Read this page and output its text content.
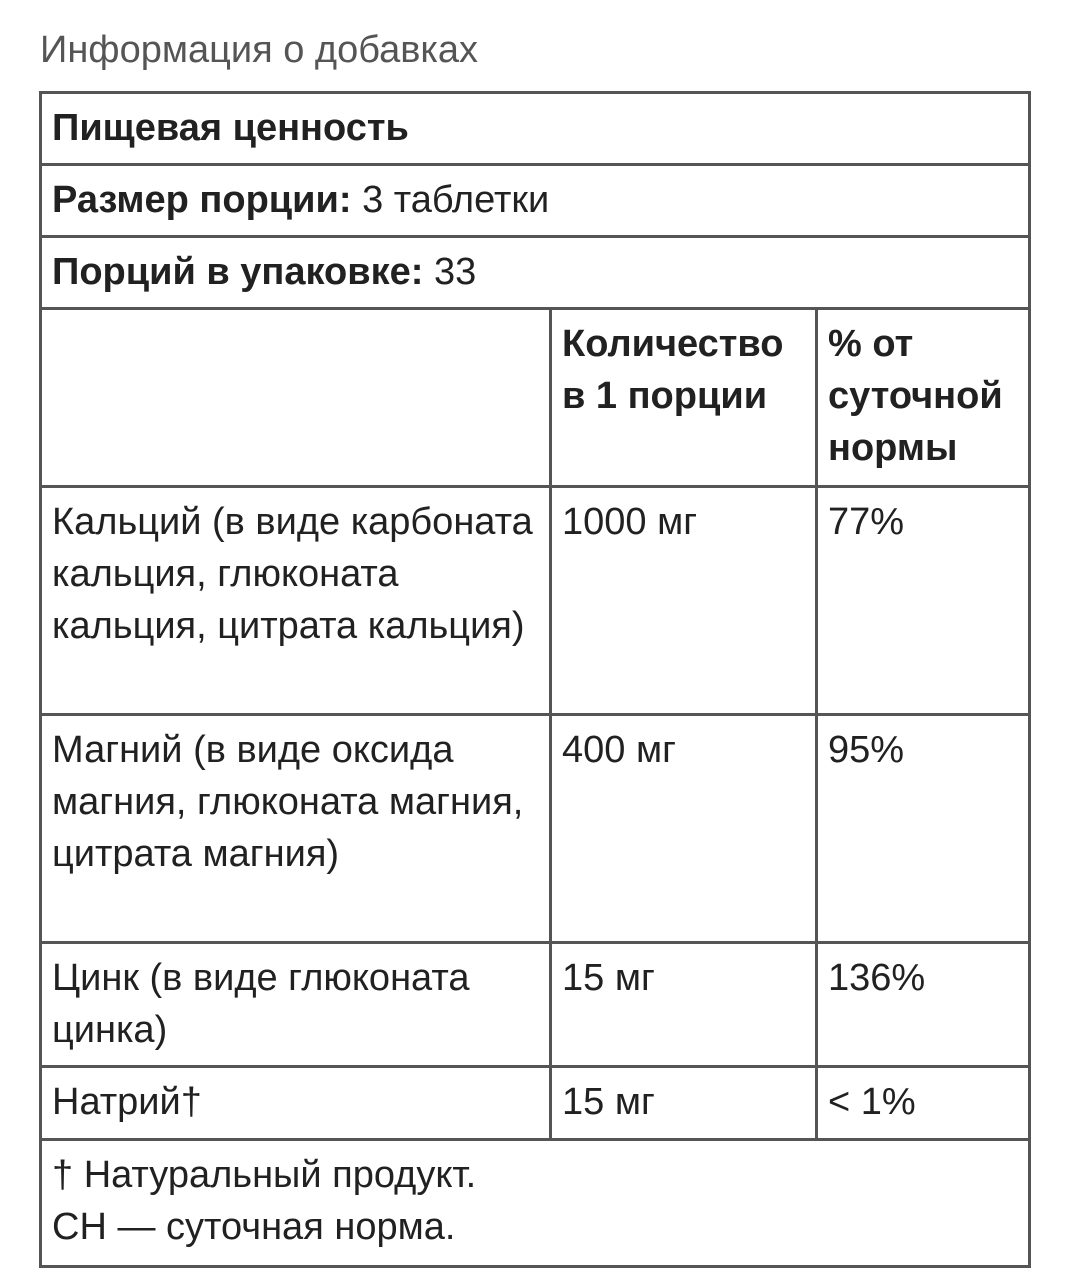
Информация о добавках
Пищевая ценность		
Размер порции: 3 таблетки		
Порций в упаковке: 33		
	Количество в 1 порции	% от суточной нормы
Кальций (в виде карбоната кальция, глюконата кальция, цитрата кальция)	1000 мг	77%
Магний (в виде оксида магния, глюконата магния, цитрата магния)	400 мг	95%
Цинк (в виде глюконата цинка)	15 мг	136%
Натрий†	15 мг	< 1%

† Натуральный продукт.
СН — суточная норма.		
